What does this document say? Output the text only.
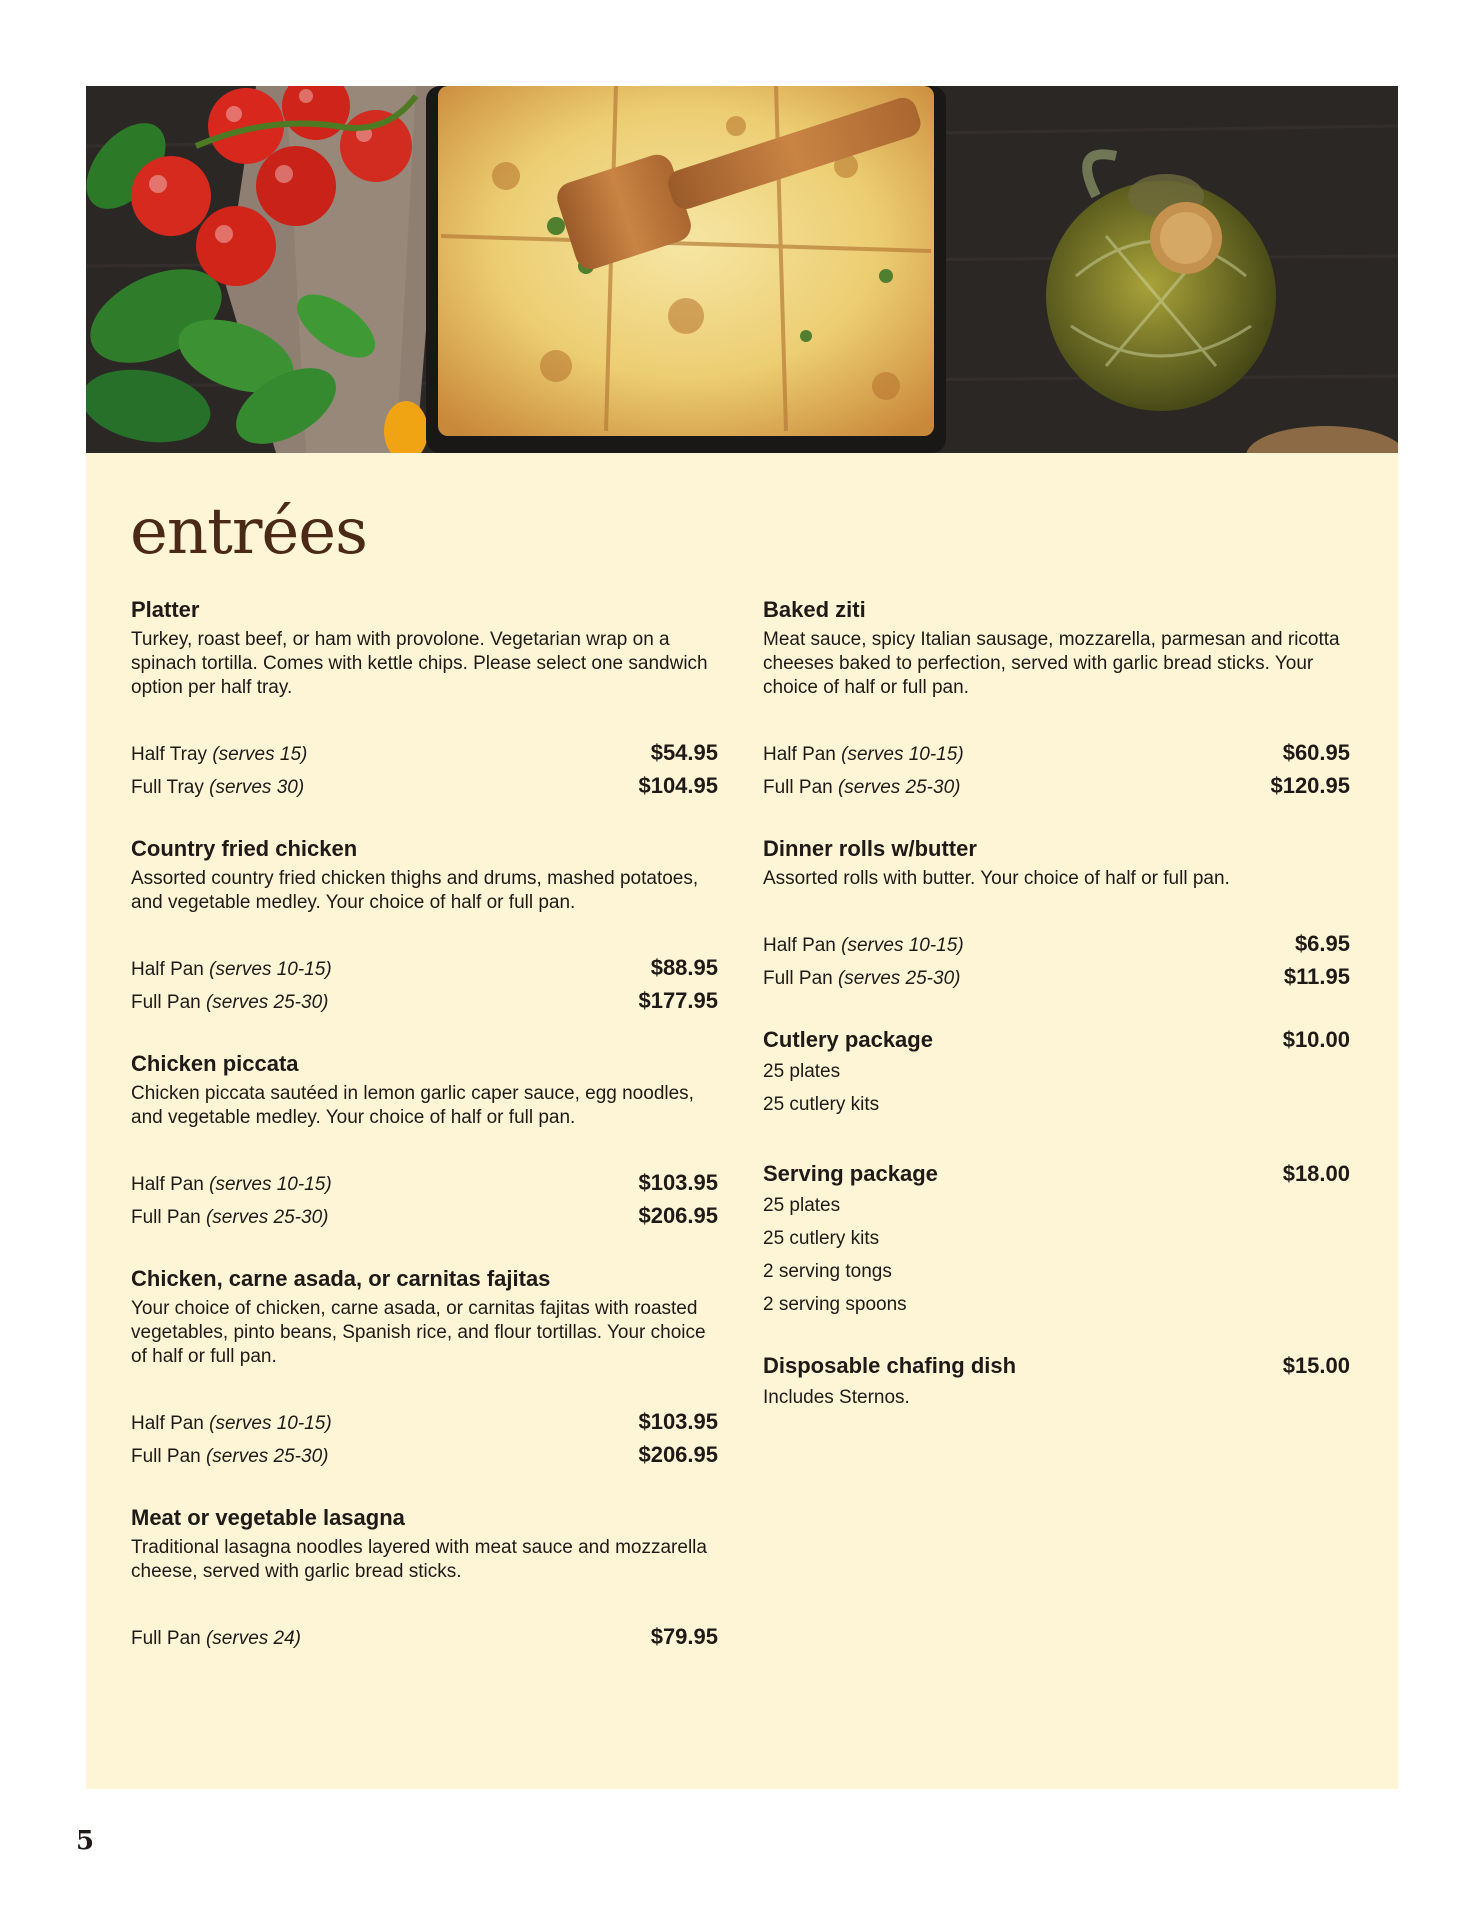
entrées
Platter

Turkey, roast beef, or ham with provolone. Vegetarian wrap on a spinach tortilla. Comes with kettle chips. Please select one sandwich option per half tray.

Half Tray (serves 15)	$54.95
Full Tray (serves 30)	$104.95
Country fried chicken

Assorted country fried chicken thighs and drums, mashed potatoes, and vegetable medley. Your choice of half or full pan.

Half Pan (serves 10-15)	$88.95
Full Pan (serves 25-30)	$177.95
Chicken piccata

Chicken piccata sautéed in lemon garlic caper sauce, egg noodles, and vegetable medley. Your choice of half or full pan.

Half Pan (serves 10-15)	$103.95
Full Pan (serves 25-30)	$206.95
Chicken, carne asada, or carnitas fajitas

Your choice of chicken, carne asada, or carnitas fajitas with roasted vegetables, pinto beans, Spanish rice, and flour tortillas. Your choice of half or full pan.

Half Pan (serves 10-15)	$103.95
Full Pan (serves 25-30)	$206.95
Meat or vegetable lasagna

Traditional lasagna noodles layered with meat sauce and mozzarella cheese, served with garlic bread sticks.

Full Pan (serves 24)	$79.95
Baked ziti

Meat sauce, spicy Italian sausage, mozzarella, parmesan and ricotta cheeses baked to perfection, served with garlic bread sticks. Your choice of half or full pan.

Half Pan (serves 10-15)	$60.95
Full Pan (serves 25-30)	$120.95
Dinner rolls w/butter

Assorted rolls with butter. Your choice of half or full pan.

Half Pan (serves 10-15)	$6.95
Full Pan (serves 25-30)	$11.95
Cutlery package	$10.00
25 plates
25 cutlery kits
Serving package	$18.00
25 plates
25 cutlery kits
2 serving tongs
2 serving spoons
Disposable chafing dish	$15.00
Includes Sternos.
5
